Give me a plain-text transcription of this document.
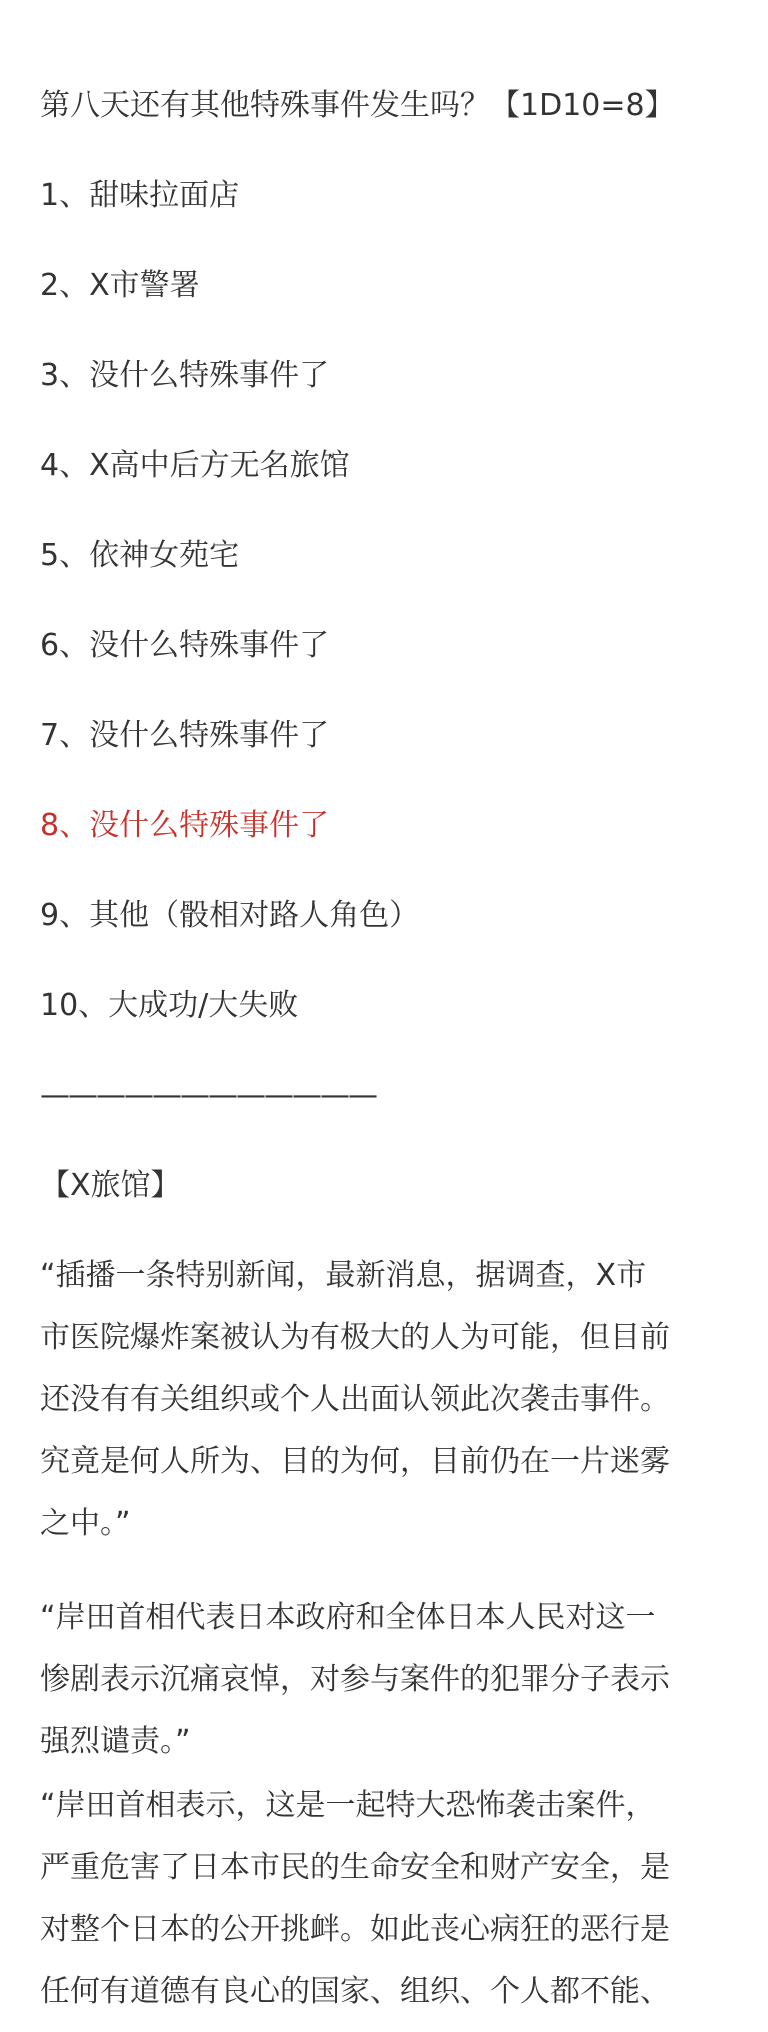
第八天还有其他特殊事件发生吗？【1D10=8】
1、甜味拉面店
2、X市警署
3、没什么特殊事件了
4、X高中后方无名旅馆
5、依神女苑宅
6、没什么特殊事件了
7、没什么特殊事件了
8、没什么特殊事件了
9、其他（骰相对路人角色）
10、大成功/大失败
————————————
【X旅馆】
“插播一条特别新闻，最新消息，据调查，X市
市医院爆炸案被认为有极大的人为可能，但目前
还没有有关组织或个人出面认领此次袭击事件。
究竟是何人所为、目的为何，目前仍在一片迷雾
之中。”
“岸田首相代表日本政府和全体日本人民对这一
惨剧表示沉痛哀悼，对参与案件的犯罪分子表示
强烈谴责。”
“岸田首相表示，这是一起特大恐怖袭击案件，
严重危害了日本市民的生命安全和财产安全，是
对整个日本的公开挑衅。如此丧心病狂的恶行是
任何有道德有良心的国家、组织、个人都不能、
